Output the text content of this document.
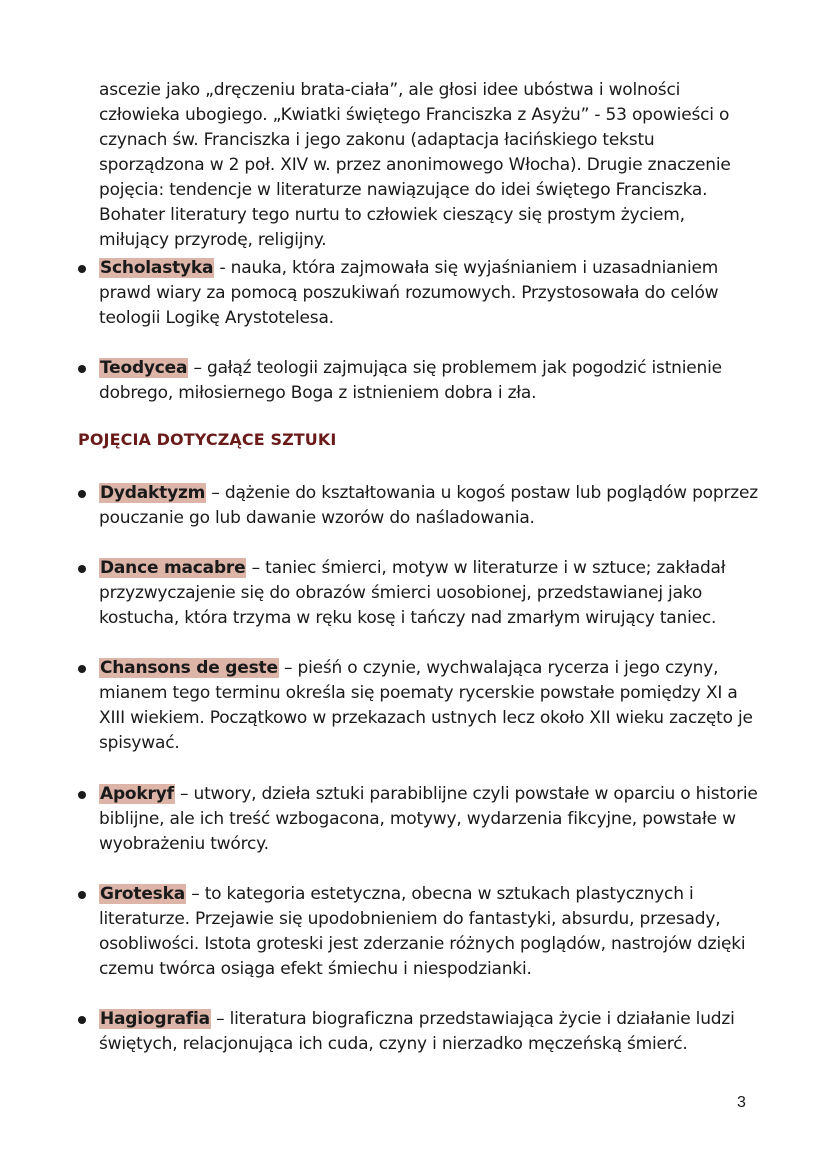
ascezie jako „dręczeniu brata-ciała”, ale głosi idee ubóstwa i wolności człowieka ubogiego. „Kwiatki świętego Franciszka z Asyżu” - 53 opowieści o czynach św. Franciszka i jego zakonu (adaptacja łacińskiego tekstu sporządzona w 2 poł. XIV w. przez anonimowego Włocha). Drugie znaczenie pojęcia: tendencje w literaturze nawiązujące do idei świętego Franciszka. Bohater literatury tego nurtu to człowiek cieszący się prostym życiem, miłujący przyrodę, religijny.
Scholastyka - nauka, która zajmowała się wyjaśnianiem i uzasadnianiem prawd wiary za pomocą poszukiwań rozumowych. Przystosowała do celów teologii Logikę Arystotelesa.
Teodycea – gałąź teologii zajmująca się problemem jak pogodzić istnienie dobrego, miłosiernego Boga z istnieniem dobra i zła.
POJĘCIA DOTYCZĄCE SZTUKI
Dydaktyzm – dążenie do kształtowania u kogoś postaw lub poglądów poprzez pouczanie go lub dawanie wzorów do naśladowania.
Dance macabre – taniec śmierci, motyw w literaturze i w sztuce; zakładał przyzwyczajenie się do obrazów śmierci uosobionej, przedstawianej jako kostucha, która trzyma w ręku kosę i tańczy nad zmarłym wirujący taniec.
Chansons de geste – pieśń o czynie, wychwalająca rycerza i jego czyny, mianem tego terminu określa się poematy rycerskie powstałe pomiędzy XI a XIII wiekiem. Początkowo w przekazach ustnych lecz około XII wieku zaczęto je spisywać.
Apokryf – utwory, dzieła sztuki parabiblijne czyli powstałe w oparciu o historie biblijne, ale ich treść wzbogacona, motywy, wydarzenia fikcyjne, powstałe w wyobrażeniu twórcy.
Groteska – to kategoria estetyczna, obecna w sztukach plastycznych i literaturze. Przejawie się upodobnieniem do fantastyki, absurdu, przesady, osobliwości. Istota groteski jest zderzanie różnych poglądów, nastrojów dzięki czemu twórca osiąga efekt śmiechu i niespodzianki.
Hagiografia – literatura biograficzna przedstawiająca życie i działanie ludzi świętych, relacjonująca ich cuda, czyny i nierzadko męczeńską śmierć.
3
